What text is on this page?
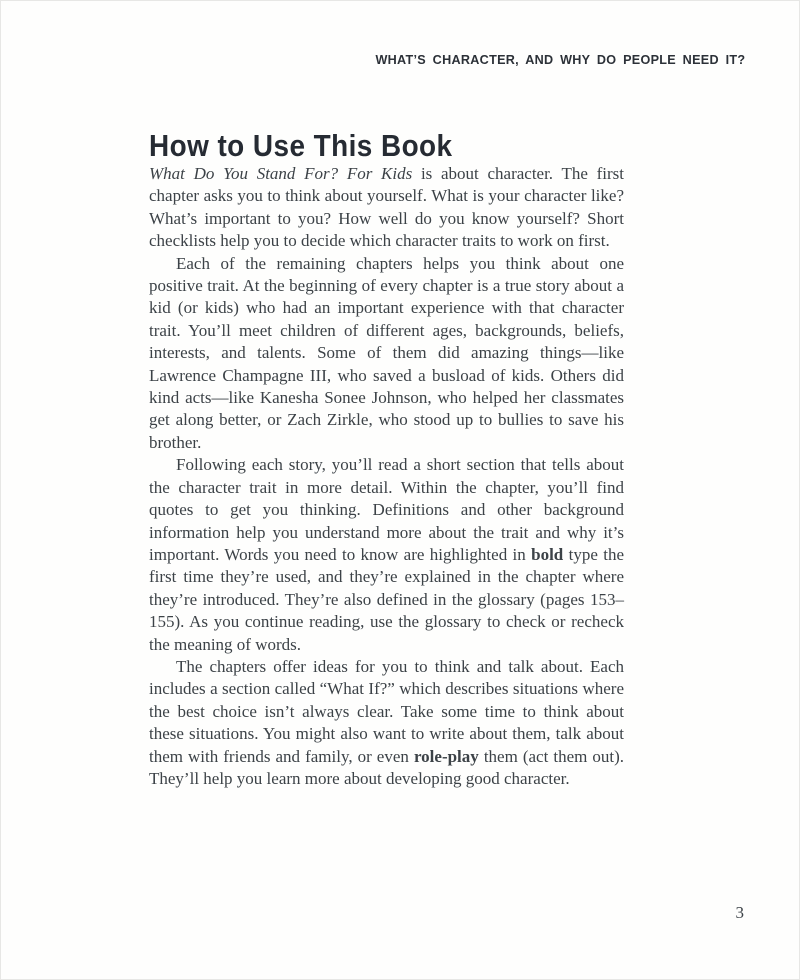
WHAT’S CHARACTER, AND WHY DO PEOPLE NEED IT?
How to Use This Book

What Do You Stand For? For Kids is about character. The first chapter asks you to think about yourself. What is your character like? What’s important to you? How well do you know yourself? Short checklists help you to decide which character traits to work on first.

Each of the remaining chapters helps you think about one positive trait. At the beginning of every chapter is a true story about a kid (or kids) who had an important experience with that character trait. You’ll meet children of different ages, backgrounds, beliefs, interests, and talents. Some of them did amazing things—like Lawrence Champagne III, who saved a busload of kids. Others did kind acts—like Kanesha Sonee Johnson, who helped her classmates get along better, or Zach Zirkle, who stood up to bullies to save his brother.

Following each story, you’ll read a short section that tells about the character trait in more detail. Within the chapter, you’ll find quotes to get you thinking. Definitions and other background information help you understand more about the trait and why it’s important. Words you need to know are highlighted in bold type the first time they’re used, and they’re explained in the chapter where they’re introduced. They’re also defined in the glossary (pages 153–155). As you continue reading, use the glossary to check or recheck the meaning of words.

The chapters offer ideas for you to think and talk about. Each includes a section called “What If?” which describes situations where the best choice isn’t always clear. Take some time to think about these situations. You might also want to write about them, talk about them with friends and family, or even role-play them (act them out). They’ll help you learn more about developing good character.

3
